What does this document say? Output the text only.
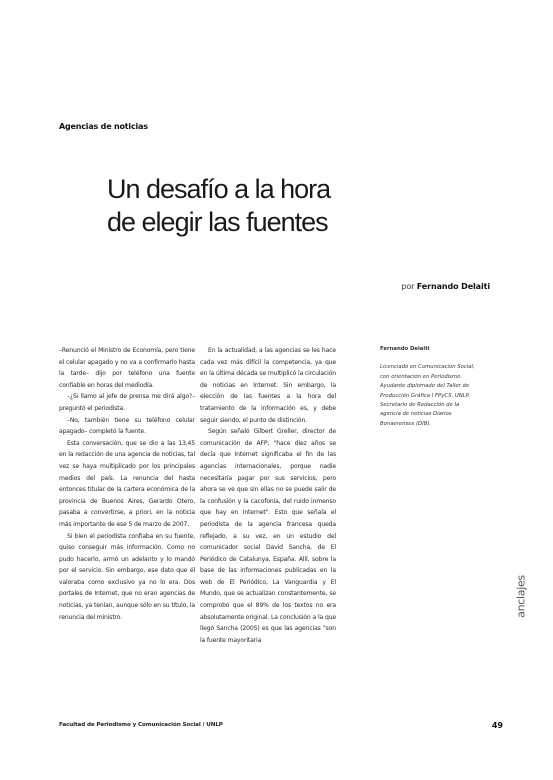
Agencias de noticias
Un desafío a la hora
de elegir las fuentes
por Fernando Delaiti

–Renunció el Ministro de Economía, pero tiene el celular apagado y no va a confirmarlo hasta la tarde– dijo por teléfono una fuente confiable en horas del mediodía.

–¿Si llamo al jefe de prensa me dirá algo?– preguntó el periodista.

–No, también tiene su teléfono celular apagado– completó la fuente.

Esta conversación, que se dio a las 13.45 en la redacción de una agencia de noticias, tal vez se haya multiplicado por los principales medios del país. La renuncia del hasta entonces titular de la cartera económica de la provincia de Buenos Aires, Gerardo Otero, pasaba a convertirse, a priori, en la noticia más importante de ese 5 de marzo de 2007.

Si bien el periodista confiaba en su fuente, quiso conseguir más información. Como no pudo hacerlo, armó un adelanto y lo mandó por el servicio. Sin embargo, ese dato que él valoraba como exclusivo ya no lo era. Dos portales de Internet, que no eran agencias de noticias, ya tenían, aunque sólo en su título, la renuncia del ministro.

En la actualidad, a las agencias se les hace cada vez más difícil la competencia, ya que en la última década se multiplicó la circulación de noticias en Internet. Sin embargo, la elección de las fuentes a la hora del tratamiento de la información es, y debe seguir siendo, el punto de distinción.

Según señaló Gilbert Greller, director de comunicación de AFP, "hace diez años se decía que Internet significaba el fin de las agencias internacionales, porque nadie necesitaría pagar por sus servicios, pero ahora se ve que sin ellas no se puede salir de la confusión y la cacofonía, del ruido inmenso que hay en Internet". Esto que señala el periodista de la agencia francesa queda reflejado, a su vez, en un estudio del comunicador social David Sancha, de El Periódico de Catalunya, España. Allí, sobre la base de las informaciones publicadas en la web de El Periódico, La Vanguardia y El Mundo, que se actualizan constantemente, se comprobó que el 89% de los textos no era absolutamente original. La conclusión a la que llegó Sancha (2005) es que las agencias "son la fuente mayoritaria

Fernando Delaiti

Licenciado en Comunicación Social, con orientación en Periodismo. Ayudante diplomado del Taller de Producción Gráfica I FPyCS, UNLP. Secretario de Redacción de la agencia de noticias Diarios Bonaerenses (DIB).

anclajes
Facultad de Periodismo y Comunicación Social / UNLP	49
